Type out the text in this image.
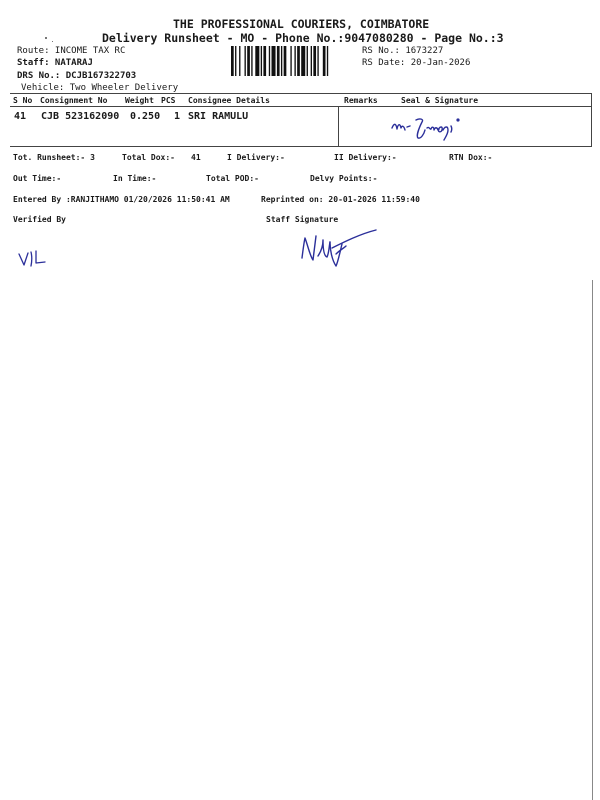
THE PROFESSIONAL COURIERS, COIMBATORE
Delivery Runsheet - MO - Phone No.:9047080280 - Page No.:3
Route: INCOME TAX RC
Staff: NATARAJ
DRS No.: DCJB167322703
Vehicle: Two Wheeler Delivery
RS No.: 1673227
RS Date: 20-Jan-2026
S No Consignment No Weight PCS Consignee Details	Remarks	Seal & Signature
41 CJB 523162090 0.250 1 SRI RAMULU
Tot. Runsheet:- 3	Total Dox:- 41	I Delivery:-	II Delivery:-	RTN Dox:-
Out Time:-	In Time:-	Total POD:-	Delvy Points:-
Entered By :RANJITHAMO 01/20/2026 11:50:41 AM	Reprinted on: 20-01-2026 11:59:40
Verified By	Staff Signature
